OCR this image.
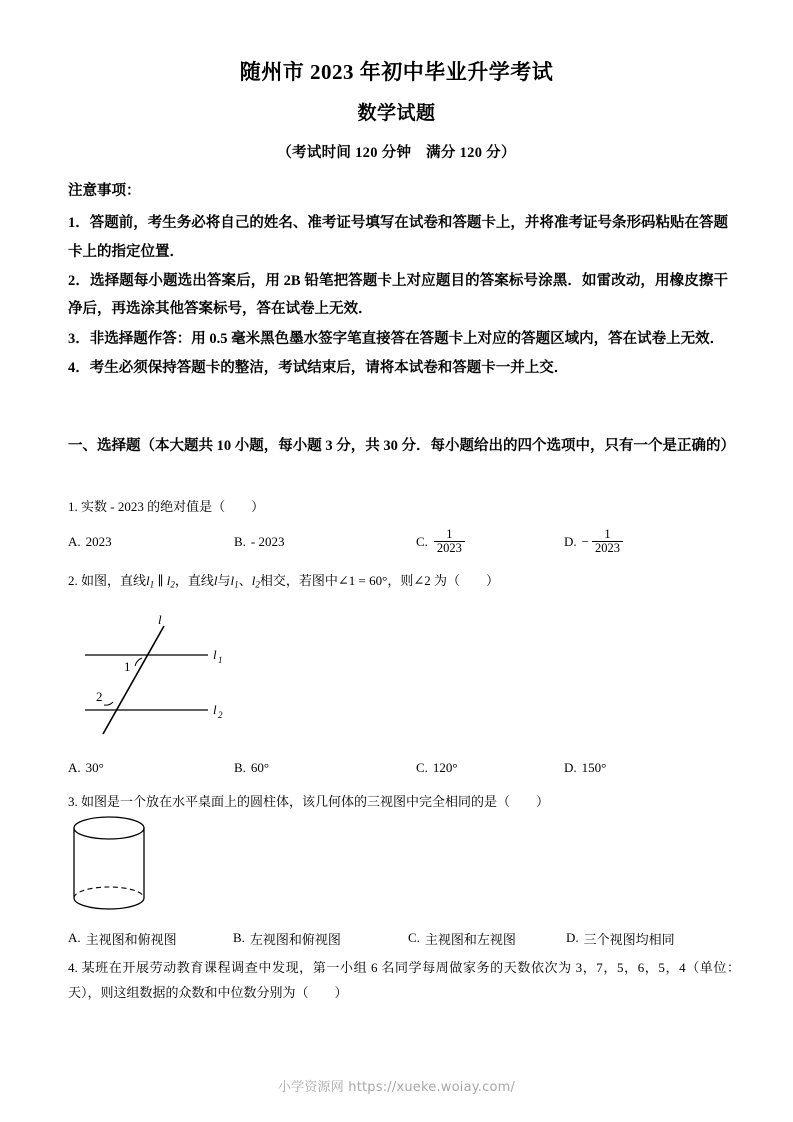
随州市 2023 年初中毕业升学考试
数学试题
（考试时间 120 分钟　满分 120 分）
注意事项：
1．答题前，考生务必将自己的姓名、准考证号填写在试卷和答题卡上，并将准考证号条形码粘贴在答题卡上的指定位置．
2．选择题每小题选出答案后，用 2B 铅笔把答题卡上对应题目的答案标号涂黑．如雷改动，用橡皮擦干净后，再选涂其他答案标号，答在试卷上无效．
3．非选择题作答：用 0.5 毫米黑色墨水签字笔直接答在答题卡上对应的答题区域内，答在试卷上无效．
4．考生必须保持答题卡的整洁，考试结束后，请将本试卷和答题卡一并上交．
一、选择题（本大题共 10 小题，每小题 3 分，共 30 分．每小题给出的四个选项中，只有一个是正确的）
1. 实数 - 2023 的绝对值是（　　）
A. 2023	B. - 2023	C. $\frac{1}{2023}$	D. − $\frac{1}{2023}$
2. 如图，直线$l_1$ ∥ $l_2$，直线l与$l_1$、$l_2$相交，若图中∠1 = 60°，则∠2 为（　　）
1
2
l
l 1
l 2
A. 30°	B. 60°	C. 120°	D. 150°
3. 如图是一个放在水平桌面上的圆柱体，该几何体的三视图中完全相同的是（　　）
A. 主视图和俯视图	B. 左视图和俯视图	C. 主视图和左视图	D. 三个视图均相同
4. 某班在开展劳动教育课程调查中发现，第一小组 6 名同学每周做家务的天数依次为 3，7，5，6，5，4（单位：天），则这组数据的众数和中位数分别为（　　）
小学资源网 https://xueke.woiay.com/
